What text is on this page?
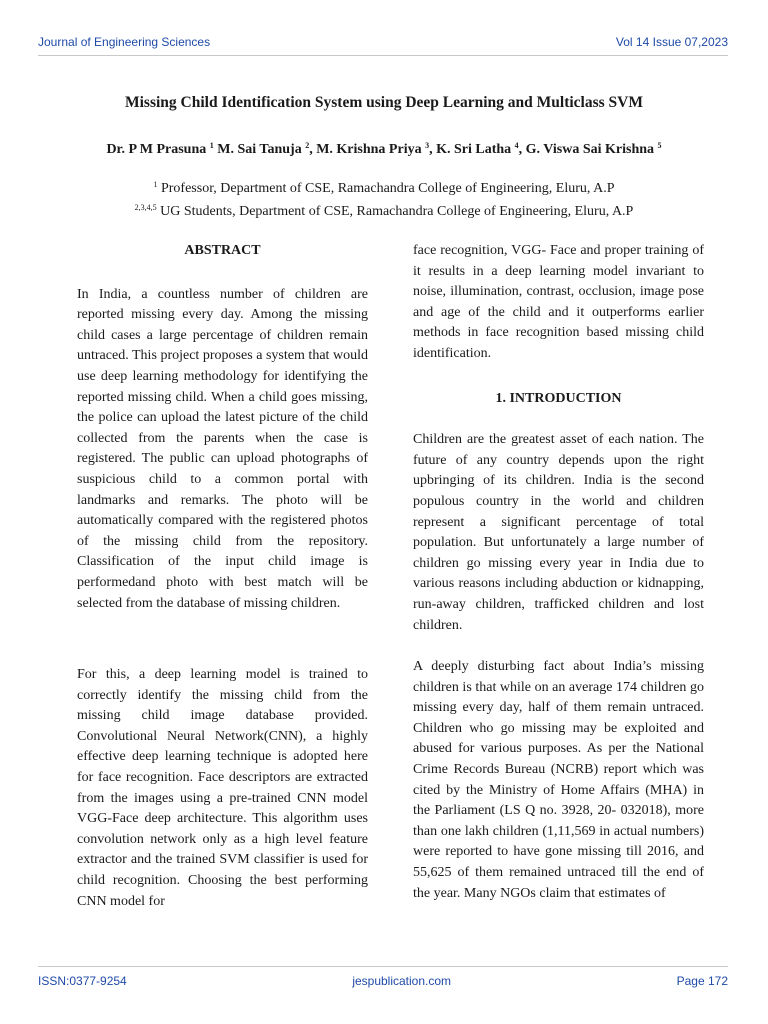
Journal of Engineering Sciences	Vol 14 Issue 07,2023
Missing Child Identification System using Deep Learning and Multiclass SVM
Dr. P M Prasuna $^1$ M. Sai Tanuja $^2$, M. Krishna Priya $^3$, K. Sri Latha $^4$, G. Viswa Sai Krishna $^5$
$^1$ Professor, Department of CSE, Ramachandra College of Engineering, Eluru, A.P
$^{2,3,4,5}$ UG Students, Department of CSE, Ramachandra College of Engineering, Eluru, A.P
ABSTRACT

In India, a countless number of children are reported missing every day. Among the missing child cases a large percentage of children remain untraced. This project proposes a system that would use deep learning methodology for identifying the reported missing child. When a child goes missing, the police can upload the latest picture of the child collected from the parents when the case is registered. The public can upload photographs of suspicious child to a common portal with landmarks and remarks. The photo will be automatically compared with the registered photos of the missing child from the repository. Classification of the input child image is performedand photo with best match will be selected from the database of missing children.

For this, a deep learning model is trained to correctly identify the missing child from the missing child image database provided. Convolutional Neural Network(CNN), a highly effective deep learning technique is adopted here for face recognition. Face descriptors are extracted from the images using a pre-trained CNN model VGG-Face deep architecture. This algorithm uses convolution network only as a high level feature extractor and the trained SVM classifier is used for child recognition. Choosing the best performing CNN model for

face recognition, VGG- Face and proper training of it results in a deep learning model invariant to noise, illumination, contrast, occlusion, image pose and age of the child and it outperforms earlier methods in face recognition based missing child identification.

1. INTRODUCTION

Children are the greatest asset of each nation. The future of any country depends upon the right upbringing of its children. India is the second populous country in the world and children represent a significant percentage of total population. But unfortunately a large number of children go missing every year in India due to various reasons including abduction or kidnapping, run-away children, trafficked children and lost children.

A deeply disturbing fact about India’s missing children is that while on an average 174 children go missing every day, half of them remain untraced. Children who go missing may be exploited and abused for various purposes. As per the National Crime Records Bureau (NCRB) report which was cited by the Ministry of Home Affairs (MHA) in the Parliament (LS Q no. 3928, 20- 032018), more than one lakh children (1,11,569 in actual numbers) were reported to have gone missing till 2016, and 55,625 of them remained untraced till the end of the year. Many NGOs claim that estimates of

ISSN:0377-9254	jespublication.com	Page 172
